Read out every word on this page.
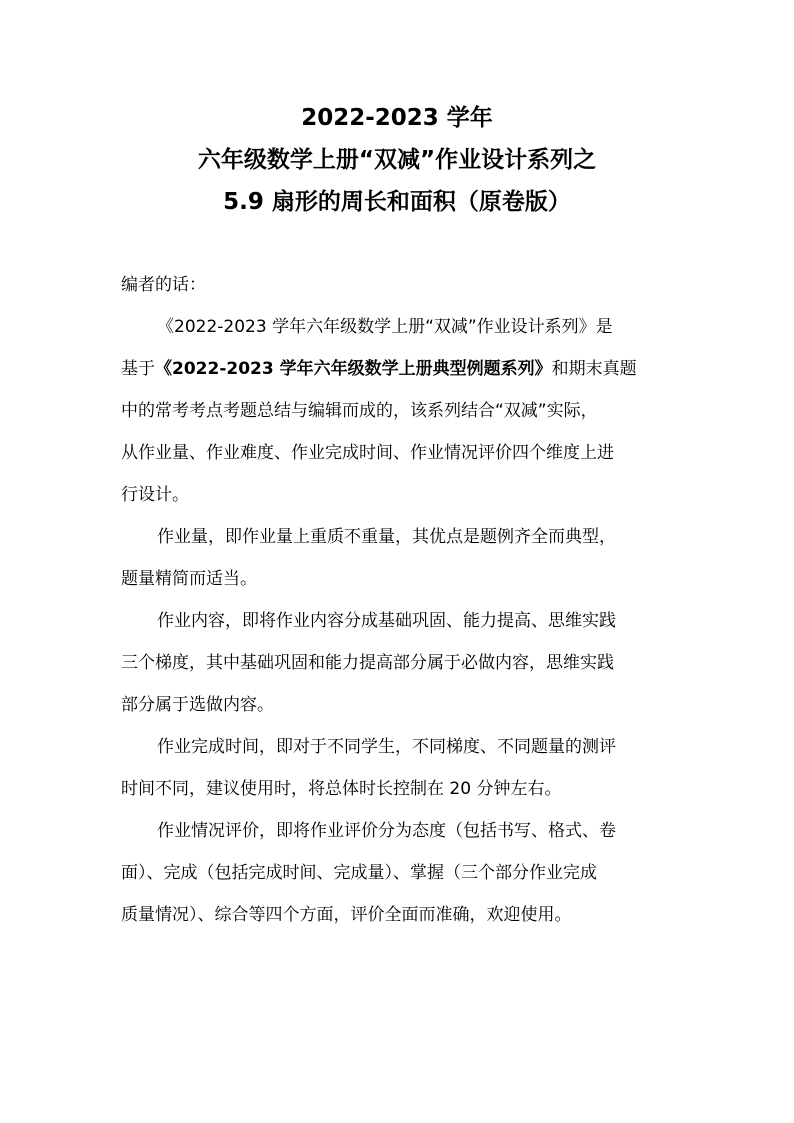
2022-2023 学年
六年级数学上册“双减”作业设计系列之
5.9 扇形的周长和面积（原卷版）
编者的话：
《2022-2023 学年六年级数学上册“双减”作业设计系列》是
基于《2022-2023 学年六年级数学上册典型例题系列》和期末真题
中的常考考点考题总结与编辑而成的，该系列结合“双减”实际，
从作业量、作业难度、作业完成时间、作业情况评价四个维度上进
行设计。
作业量，即作业量上重质不重量，其优点是题例齐全而典型，
题量精简而适当。
作业内容，即将作业内容分成基础巩固、能力提高、思维实践
三个梯度，其中基础巩固和能力提高部分属于必做内容，思维实践
部分属于选做内容。
作业完成时间，即对于不同学生，不同梯度、不同题量的测评
时间不同，建议使用时，将总体时长控制在 20 分钟左右。
作业情况评价，即将作业评价分为态度（包括书写、格式、卷
面）、完成（包括完成时间、完成量）、掌握（三个部分作业完成
质量情况）、综合等四个方面，评价全面而准确，欢迎使用。
